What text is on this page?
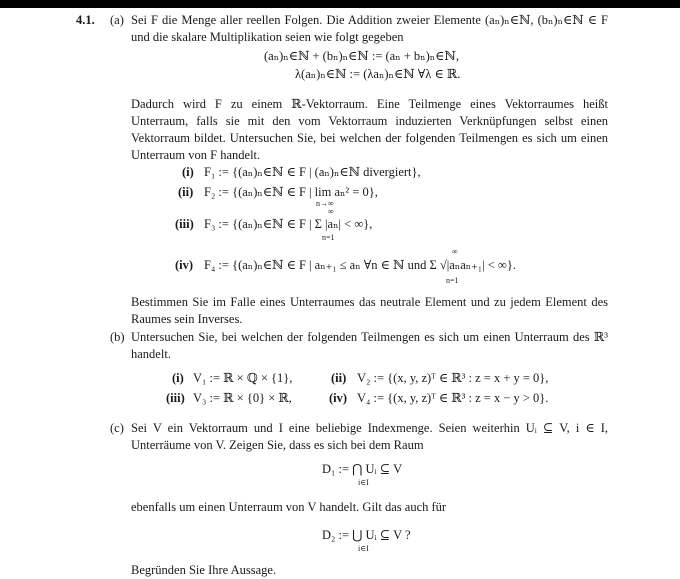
4.1. (a) Sei F die Menge aller reellen Folgen. Die Addition zweier Elemente (aₙ)ₙ∈ℕ, (bₙ)ₙ∈ℕ ∈ F und die skalare Multiplikation seien wie folgt gegeben
(aₙ)ₙ∈ℕ + (bₙ)ₙ∈ℕ := (aₙ + bₙ)ₙ∈ℕ,
λ(aₙ)ₙ∈ℕ := (λaₙ)ₙ∈ℕ ∀λ ∈ ℝ.
Dadurch wird F zu einem ℝ-Vektorraum. Eine Teilmenge eines Vektorraumes heißt Unterraum, falls sie mit den vom Vektorraum induzierten Verknüpfungen selbst einen Vektorraum bildet. Untersuchen Sie, bei welchen der folgenden Teilmengen es sich um einen Unterraum von F handelt.
(i) F₁ := {(aₙ)ₙ∈ℕ ∈ F | (aₙ)ₙ∈ℕ divergiert},
(ii) F₂ := {(aₙ)ₙ∈ℕ ∈ F | lim aₙ² = 0},
n→∞
∞
(iii) F₃ := {(aₙ)ₙ∈ℕ ∈ F | Σ |aₙ| < ∞},
n=1
∞
(iv) F₄ := {(aₙ)ₙ∈ℕ ∈ F | aₙ₊₁ ≤ aₙ ∀n ∈ ℕ und Σ √|aₙaₙ₊₁| < ∞}.
n=1
Bestimmen Sie im Falle eines Unterraumes das neutrale Element und zu jedem Element des Raumes sein Inverses.
(b) Untersuchen Sie, bei welchen der folgenden Teilmengen es sich um einen Unterraum des ℝ³ handelt.
(i) V₁ := ℝ × ℚ × {1},	(ii) V₂ := {(x, y, z)ᵀ ∈ ℝ³ : z = x + y = 0},
(iii) V₃ := ℝ × {0} × ℝ,	(iv) V₄ := {(x, y, z)ᵀ ∈ ℝ³ : z = x − y > 0}.
(c) Sei V ein Vektorraum und I eine beliebige Indexmenge. Seien weiterhin Uᵢ ⊆ V, i ∈ I, Unterräume von V. Zeigen Sie, dass es sich bei dem Raum
D₁ := ⋂ Uᵢ ⊆ V
i∈I
ebenfalls um einen Unterraum von V handelt. Gilt das auch für
D₂ := ⋃ Uᵢ ⊆ V ?
i∈I
Begründen Sie Ihre Aussage.
